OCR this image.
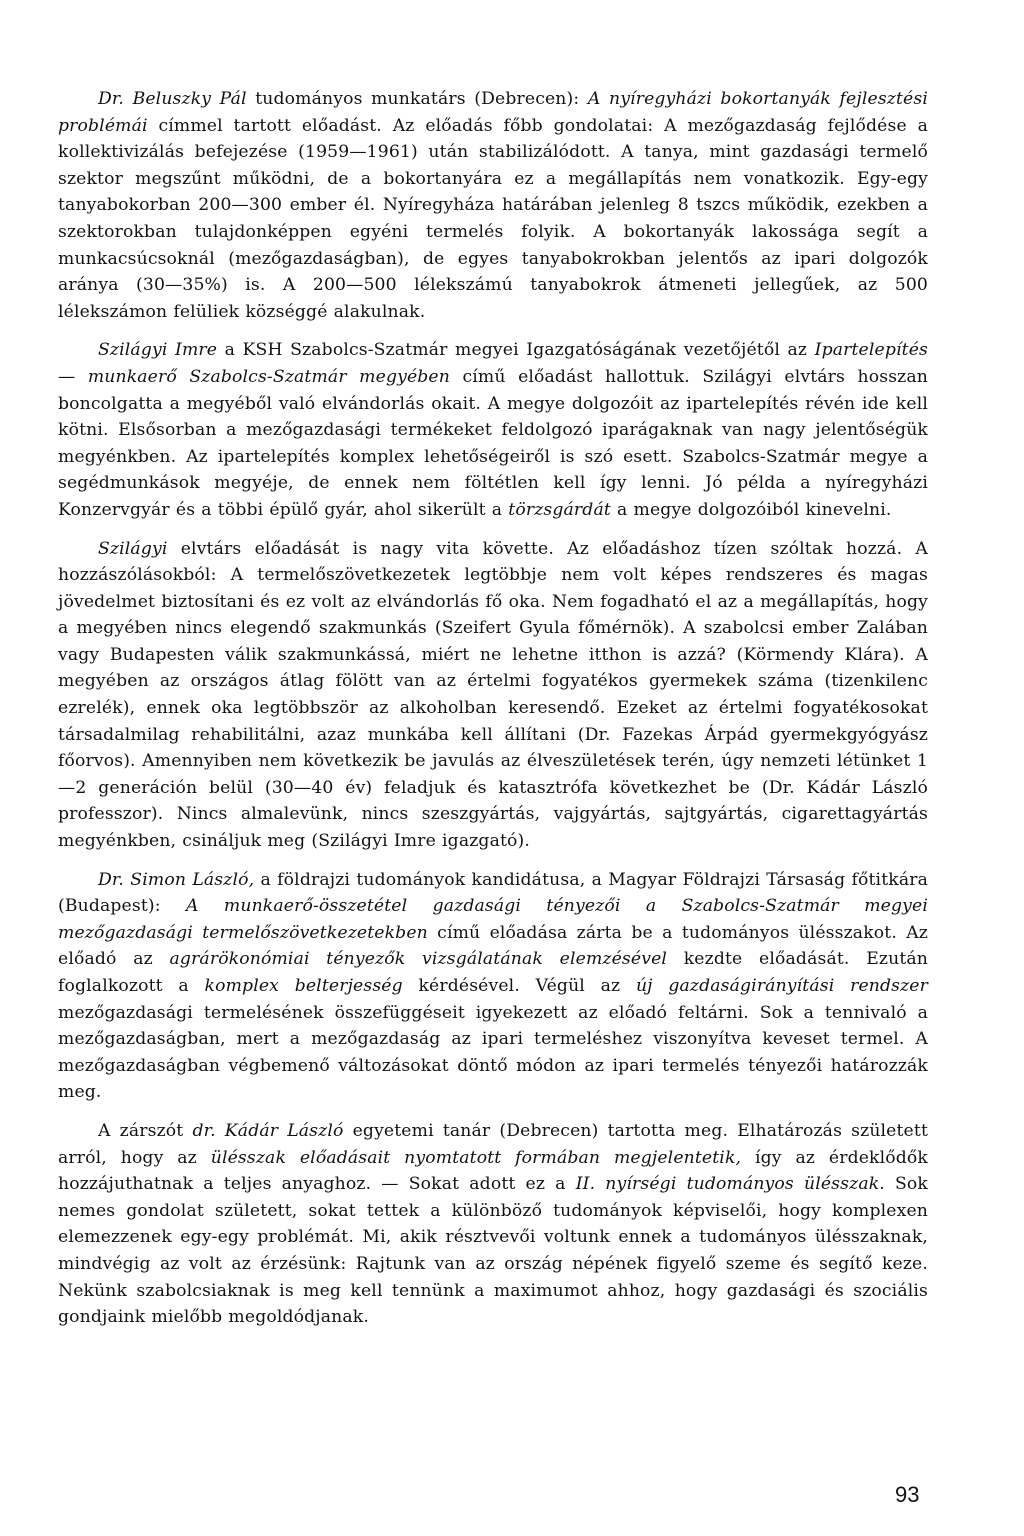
Dr. Beluszky Pál tudományos munkatárs (Debrecen): A nyíregyházi bokortanyák fejlesztési problémái címmel tartott előadást. Az előadás főbb gondolatai: A mezőgazdaság fejlődése a kollektivizálás befejezése (1959—1961) után stabilizálódott. A tanya, mint gazdasági termelő szektor megszűnt működni, de a bokortanyára ez a megállapítás nem vonatkozik. Egy-egy tanyabokorban 200—300 ember él. Nyíregyháza határában jelenleg 8 tszcs működik, ezekben a szektorokban tulajdonképpen egyéni termelés folyik. A bokortanyák lakossága segít a munkacsúcsoknál (mezőgazdaságban), de egyes tanyabokrokban jelentős az ipari dolgozók aránya (30—35%) is. A 200—500 lélekszámú tanyabokrok átmeneti jellegűek, az 500 lélekszámon felüliek községgé alakulnak.

Szilágyi Imre a KSH Szabolcs-Szatmár megyei Igazgatóságának vezetőjétől az Iparteleрítés — munkaerő Szabolcs-Szatmár megyében című előadást hallottuk. Szilágyi elvtárs hosszan boncolgatta a megyéből való elvándorlás okait. A megye dolgozóit az ipartelepítés révén ide kell kötni. Elsősorban a mezőgazdasági termékeket feldolgozó iparágaknak van nagy jelentőségük megyénkben. Az ipartelepítés komplex lehetőségeiről is szó esett. Szabolcs-Szatmár megye a segédmunkások megyéje, de ennek nem föltétlen kell így lenni. Jó példa a nyíregyházi Konzervgyár és a többi épülő gyár, ahol sikerült a törzsgárdát a megye dolgozóiból kinevelni.

Szilágyi elvtárs előadását is nagy vita követte. Az előadáshoz tízen szóltak hozzá. A hozzászólásokból: A termelőszövetkezetek legtöbbje nem volt képes rendszeres és magas jövedelmet biztosítani és ez volt az elvándorlás fő oka. Nem fogadható el az a megállapítás, hogy a megyében nincs elegendő szakmunkás (Szeifert Gyula főmérnök). A szabolcsi ember Zalában vagy Budapesten válik szakmunkássá, miért ne lehetne itthon is azzá? (Körmendy Klára). A megyében az országos átlag fölött van az értelmi fogyatékos gyermekek száma (tizenkilenc ezrelék), ennek oka legtöbbször az alkoholban keresendő. Ezeket az értelmi fogyatékosokat társadalmilag rehabilitálni, azaz munkába kell állítani (Dr. Fazekas Árpád gyermekgyógyász főorvos). Amennyiben nem következik be javulás az élveszületések terén, úgy nemzeti létünket 1—2 generáción belül (30—40 év) feladjuk és katasztrófa következhet be (Dr. Kádár László professzor). Nincs almalevünk, nincs szeszgyártás, vajgyártás, sajtgyártás, cigarettagyártás megyénkben, csináljuk meg (Szilágyi Imre igazgató).

Dr. Simon László, a földrajzi tudományok kandidátusa, a Magyar Földrajzi Társaság főtitkára (Budapest): A munkaerő-összetétel gazdasági tényezői a Szabolcs-Szatmár megyei mezőgazdasági termelőszövetkezetekben című előadása zárta be a tudományos ülésszakot. Az előadó az agrárökonómiai tényezők vizsgálatának elemzésével kezdte előadását. Ezután foglalkozott a komplex belterjesség kérdésével. Végül az új gazdaságirányítási rendszer mezőgazdasági termelésének összefüggéseit igyekezett az előadó feltárni. Sok a tennivaló a mezőgazdaságban, mert a mezőgazdaság az ipari termeléshez viszonyítva keveset termel. A mezőgazdaságban végbemenő változásokat döntő módon az ipari termelés tényezői határozzák meg.

A zárszót dr. Kádár László egyetemi tanár (Debrecen) tartotta meg. Elhatározás született arról, hogy az ülésszak előadásait nyomtatott formában megjelentetik, így az érdeklődők hozzájuthatnak a teljes anyaghoz. — Sokat adott ez a II. nyírségi tudományos ülésszak. Sok nemes gondolat született, sokat tettek a különböző tudományok képviselői, hogy komplexen elemezzenek egy-egy problémát. Mi, akik résztvevői voltunk ennek a tudományos ülésszaknak, mindvégig az volt az érzésünk: Rajtunk van az ország népének figyelő szeme és segítő keze. Nekünk szabolcsiaknak is meg kell tennünk a maximumot ahhoz, hogy gazdasági és szociális gondjaink mielőbb megoldódjanak.

93
